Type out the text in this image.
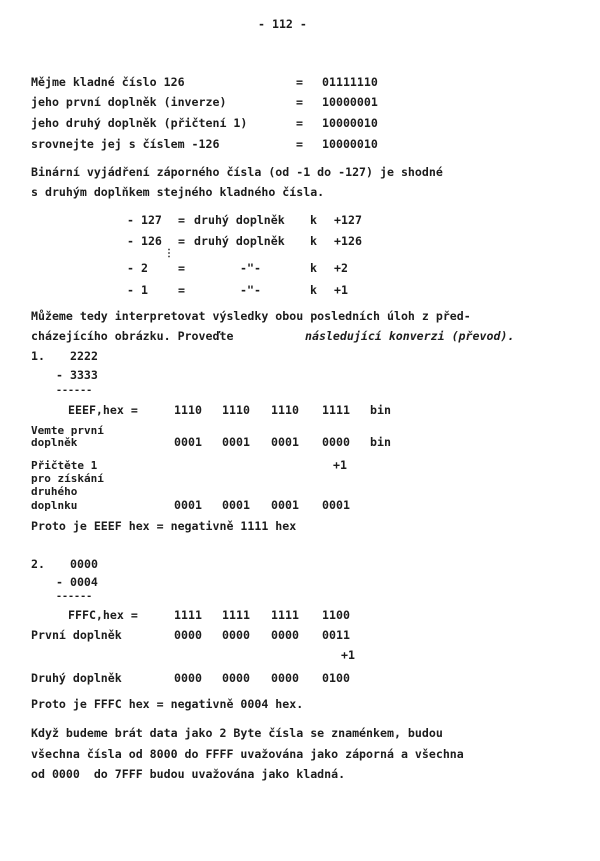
- 112 -
Mějme kladné číslo 126	= 01111110
jeho první doplněk (inverze)	= 10000001
jeho druhý doplněk (přičtení 1)	= 10000010
srovnejte jej s číslem -126	= 10000010
Binární vyjádření záporného čísla (od -1 do -127) je shodné
s druhým doplňkem stejného kladného čísla.
- 127 = druhý doplněk k +127
- 126 = druhý doplněk k +126
⋮
- 2	=	-"-	k +2
- 1	=	-"-	k +1
Můžeme tedy interpretovat výsledky obou posledních úloh z před-
cházejícího obrázku. Proveďte	následující konverzi (převod).
1. 2222
- 3333
------
EEEF,hex =	1110 1110 1110 1111 bin
Vemte první
doplněk	0001 0001 0001 0000 bin
Přičtěte 1	+1
pro získání
druhého
doplnku	0001 0001 0001 0001
Proto je EEEF hex = negativně 1111 hex
2. 0000
- 0004
------
FFFC,hex =	1111 1111 1111 1100
První doplněk	0000 0000 0000 0011
+1
Druhý doplněk	0000 0000 0000 0100
Proto je FFFC hex = negativně 0004 hex.
Když budeme brát data jako 2 Byte čísla se znaménkem, budou
všechna čísla od 8000 do FFFF uvažována jako záporná a všechna
od 0000  do 7FFF budou uvažována jako kladná.
